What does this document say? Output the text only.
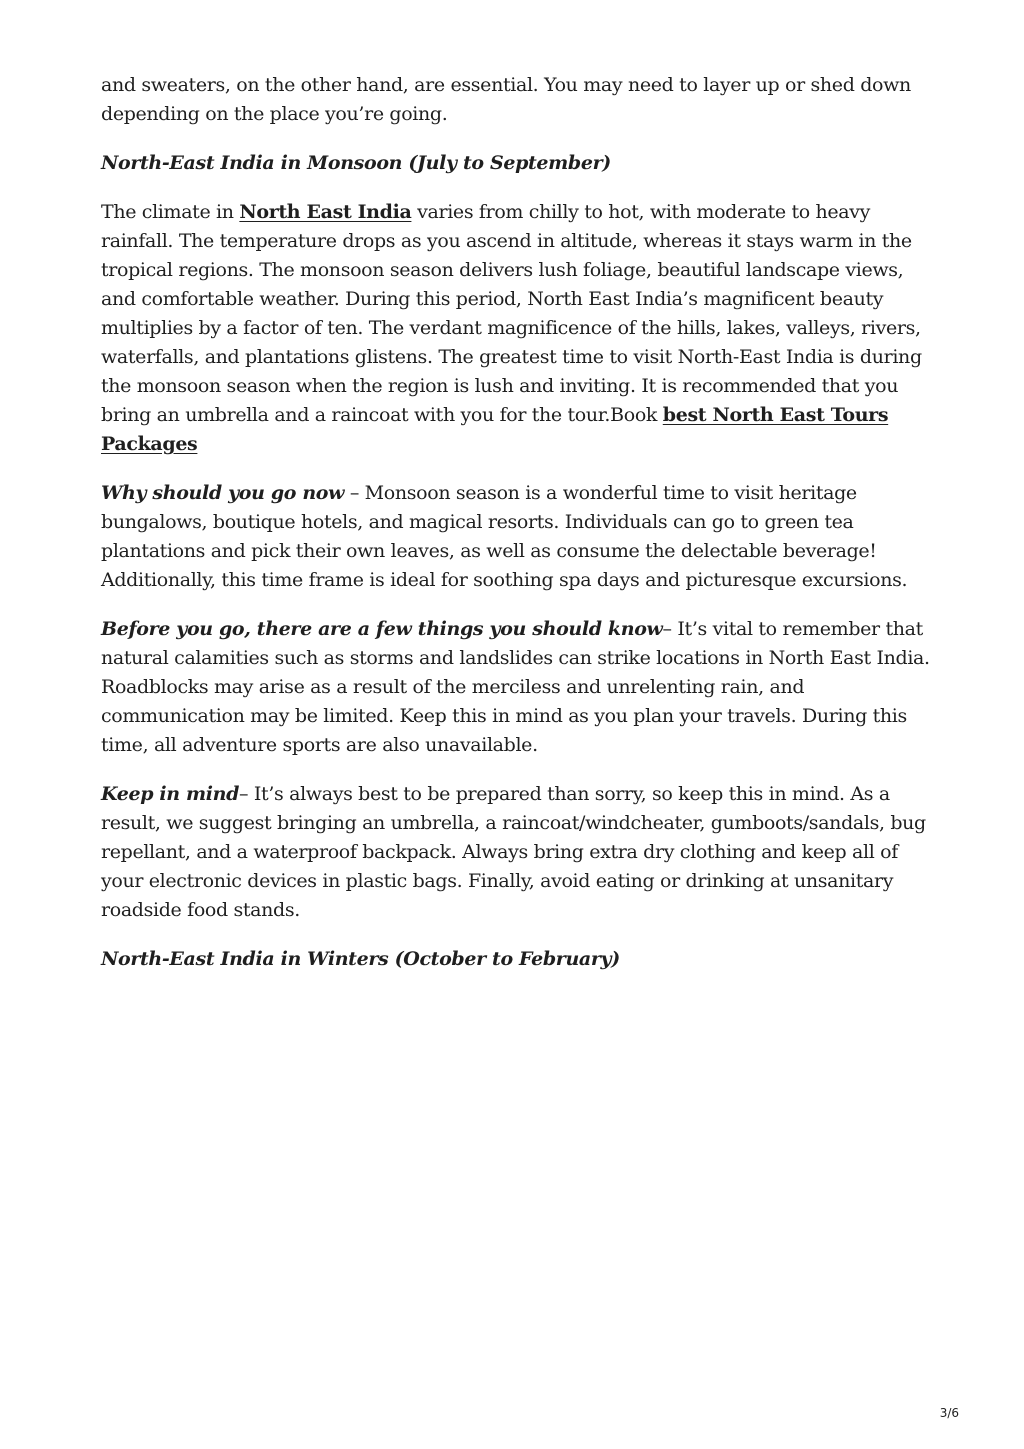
and sweaters, on the other hand, are essential. You may need to layer up or shed down depending on the place you’re going.

North-East India in Monsoon (July to September)

The climate in North East India varies from chilly to hot, with moderate to heavy rainfall. The temperature drops as you ascend in altitude, whereas it stays warm in the tropical regions. The monsoon season delivers lush foliage, beautiful landscape views, and comfortable weather. During this period, North East India’s magnificent beauty multiplies by a factor of ten. The verdant magnificence of the hills, lakes, valleys, rivers, waterfalls, and plantations glistens. The greatest time to visit North-East India is during the monsoon season when the region is lush and inviting. It is recommended that you bring an umbrella and a raincoat with you for the tour.Book best North East Tours Packages

Why should you go now – Monsoon season is a wonderful time to visit heritage bungalows, boutique hotels, and magical resorts. Individuals can go to green tea plantations and pick their own leaves, as well as consume the delectable beverage! Additionally, this time frame is ideal for soothing spa days and picturesque excursions.

Before you go, there are a few things you should know– It’s vital to remember that natural calamities such as storms and landslides can strike locations in North East India. Roadblocks may arise as a result of the merciless and unrelenting rain, and communication may be limited. Keep this in mind as you plan your travels. During this time, all adventure sports are also unavailable.

Keep in mind– It’s always best to be prepared than sorry, so keep this in mind. As a result, we suggest bringing an umbrella, a raincoat/windcheater, gumboots/sandals, bug repellant, and a waterproof backpack. Always bring extra dry clothing and keep all of your electronic devices in plastic bags. Finally, avoid eating or drinking at unsanitary roadside food stands.

North-East India in Winters (October to February)
3/6
